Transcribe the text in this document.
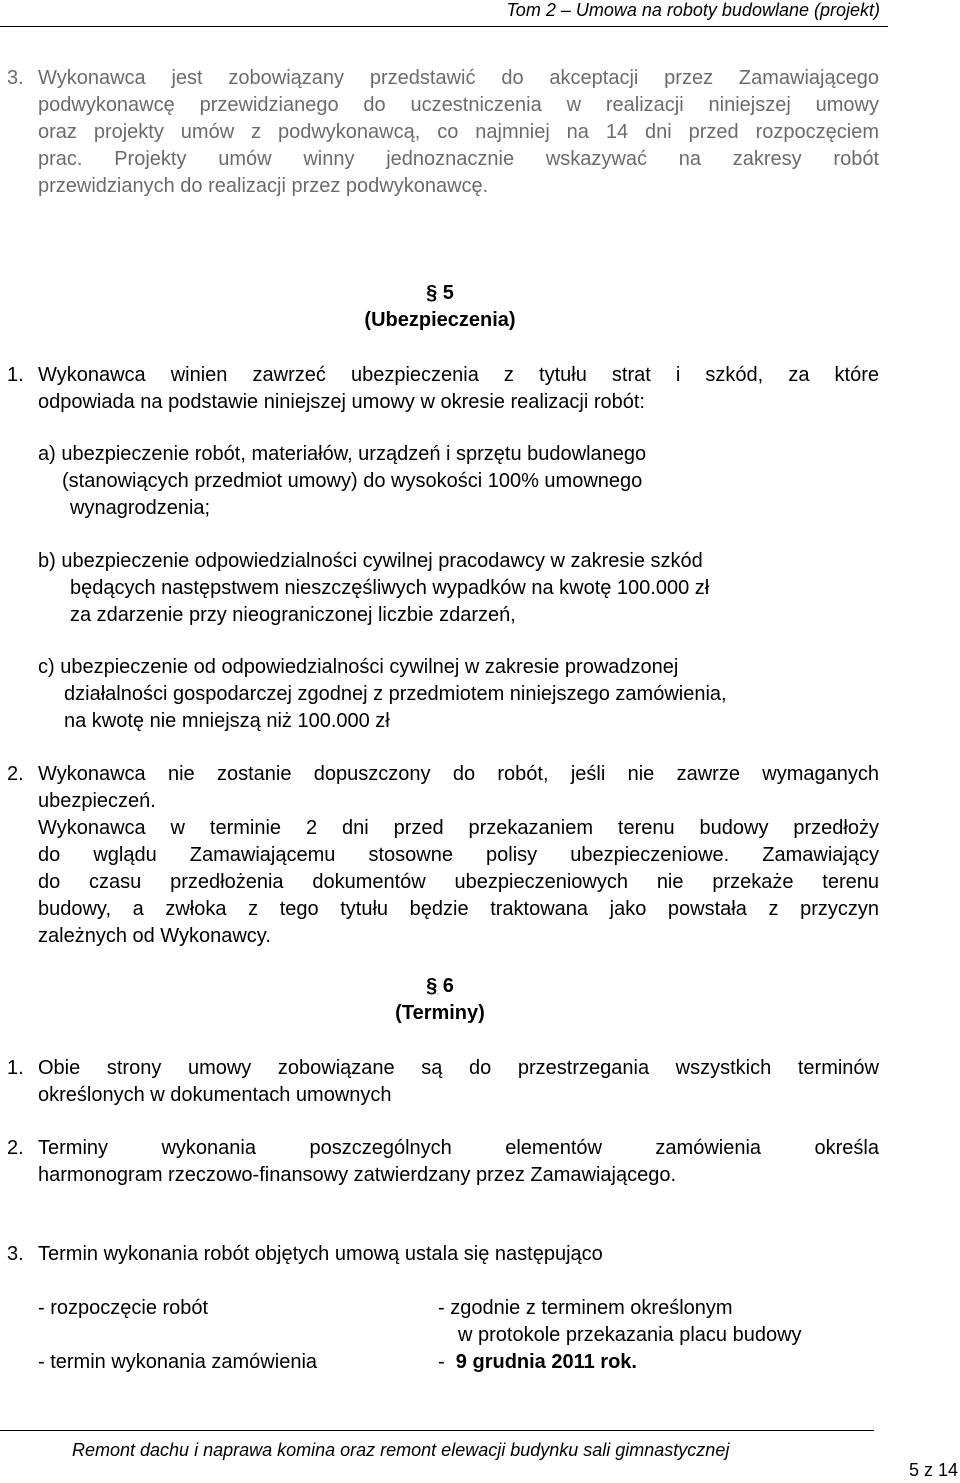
Tom 2 – Umowa na roboty budowlane (projekt)
3. Wykonawca jest zobowiązany przedstawić do akceptacji przez Zamawiającego
podwykonawcę przewidzianego do uczestniczenia w realizacji niniejszej umowy
oraz projekty umów z podwykonawcą, co najmniej na 14 dni przed rozpoczęciem
prac. Projekty umów winny jednoznacznie wskazywać na zakresy robót
przewidzianych do realizacji przez podwykonawcę.
§ 5
(Ubezpieczenia)
1. Wykonawca winien zawrzeć ubezpieczenia z tytułu strat i szkód, za które
odpowiada na podstawie niniejszej umowy w okresie realizacji robót:
a) ubezpieczenie robót, materiałów, urządzeń i sprzętu budowlanego
(stanowiących przedmiot umowy) do wysokości 100% umownego
wynagrodzenia;
b) ubezpieczenie odpowiedzialności cywilnej pracodawcy w zakresie szkód
będących następstwem nieszczęśliwych wypadków na kwotę 100.000 zł
za zdarzenie przy nieograniczonej liczbie zdarzeń,
c) ubezpieczenie od odpowiedzialności cywilnej w zakresie prowadzonej
działalności gospodarczej zgodnej z przedmiotem niniejszego zamówienia,
na kwotę nie mniejszą niż 100.000 zł
2. Wykonawca nie zostanie dopuszczony do robót, jeśli nie zawrze wymaganych
ubezpieczeń.
Wykonawca w terminie 2 dni przed przekazaniem terenu budowy przedłoży
do wglądu Zamawiającemu stosowne polisy ubezpieczeniowe. Zamawiający
do czasu przedłożenia dokumentów ubezpieczeniowych nie przekaże terenu
budowy, a zwłoka z tego tytułu będzie traktowana jako powstała z przyczyn
zależnych od Wykonawcy.
§ 6
(Terminy)
1. Obie strony umowy zobowiązane są do przestrzegania wszystkich terminów
określonych w dokumentach umownych
2. Terminy wykonania poszczególnych elementów zamówienia określa
harmonogram rzeczowo-finansowy zatwierdzany przez Zamawiającego.
3. Termin wykonania robót objętych umową ustala się następująco
- rozpoczęcie robót	- zgodnie z terminem określonym
w protokole przekazania placu budowy
- termin wykonania zamówienia	- 9 grudnia 2011 rok.
Remont dachu i naprawa komina oraz remont elewacji budynku sali gimnastycznej
5 z 14
